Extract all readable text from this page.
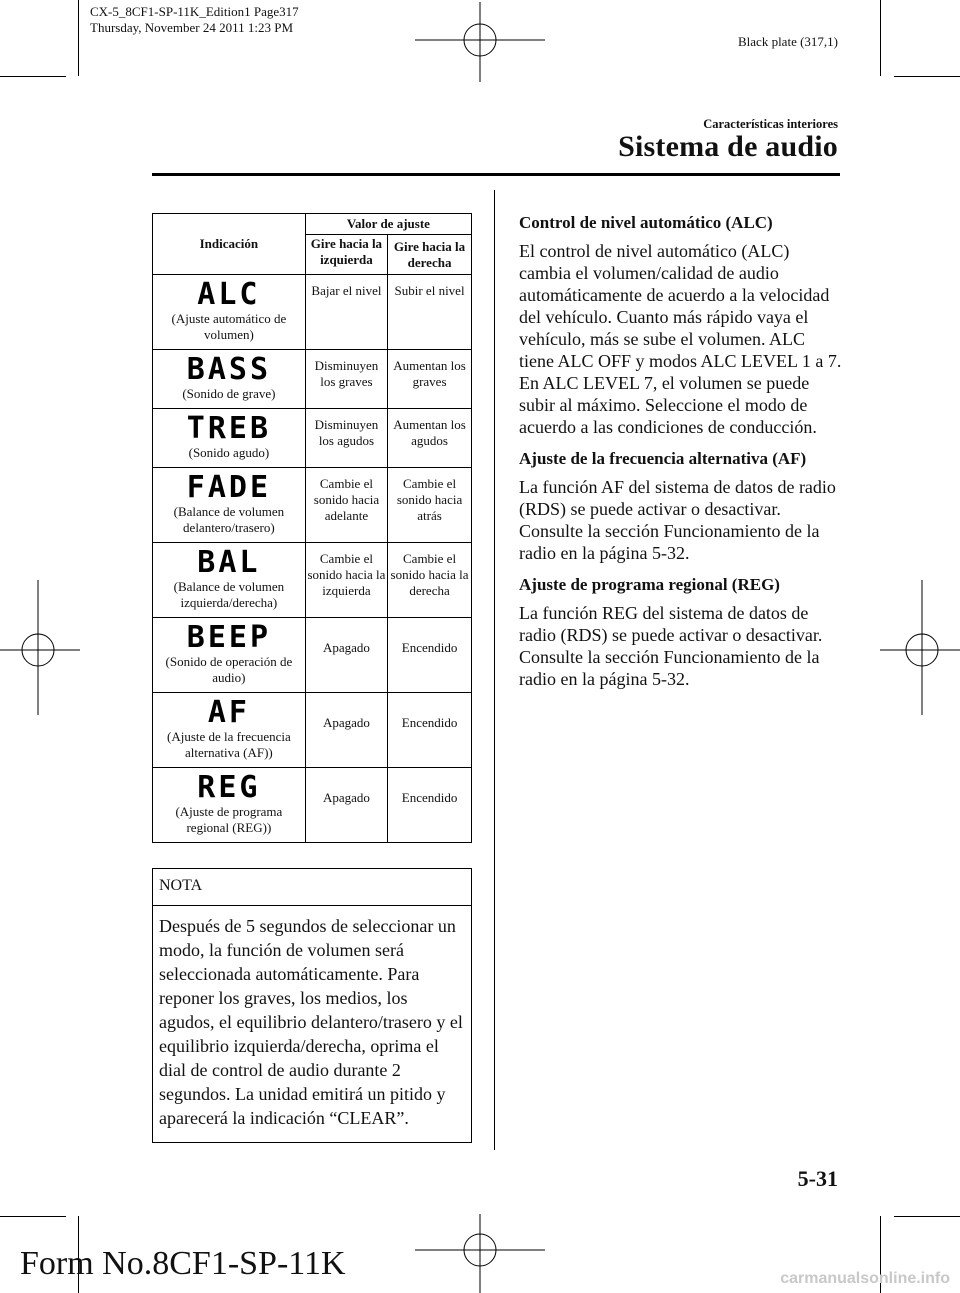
CX-5_8CF1-SP-11K_Edition1 Page317
Thursday, November 24 2011 1:23 PM
Black plate (317,1)
Características interiores
Sistema de audio
Indicación	Valor de ajuste	
	Gire hacia la izquierda	Gire hacia la derecha

ALC
(Ajuste automático de volumen)	Bajar el nivel	Subir el nivel

BASS
(Sonido de grave)	Disminuyen los graves	Aumentan los graves

TREB
(Sonido agudo)	Disminuyen los agudos	Aumentan los agudos

FADE
(Balance de volumen delantero/trasero)	Cambie el sonido hacia adelante	Cambie el sonido hacia atrás

BAL
(Balance de volumen izquierda/derecha)	Cambie el sonido hacia la izquierda	Cambie el sonido hacia la derecha

BEEP
(Sonido de operación de audio)	Apagado	Encendido

AF
(Ajuste de la frecuencia alternativa (AF))	Apagado	Encendido

REG
(Ajuste de programa regional (REG))	Apagado	Encendido
NOTA
Después de 5 segundos de seleccionar un modo, la función de volumen será seleccionada automáticamente. Para reponer los graves, los medios, los agudos, el equilibrio delantero/trasero y el equilibrio izquierda/derecha, oprima el dial de control de audio durante 2 segundos. La unidad emitirá un pitido y aparecerá la indicación “CLEAR”.
Control de nivel automático (ALC)

El control de nivel automático (ALC) cambia el volumen/calidad de audio automáticamente de acuerdo a la velocidad del vehículo. Cuanto más rápido vaya el vehículo, más se sube el volumen. ALC tiene ALC OFF y modos ALC LEVEL 1 a 7. En ALC LEVEL 7, el volumen se puede subir al máximo. Seleccione el modo de acuerdo a las condiciones de conducción.

Ajuste de la frecuencia alternativa (AF)

La función AF del sistema de datos de radio (RDS) se puede activar o desactivar. Consulte la sección Funcionamiento de la radio en la página 5-32.

Ajuste de programa regional (REG)

La función REG del sistema de datos de radio (RDS) se puede activar o desactivar. Consulte la sección Funcionamiento de la radio en la página 5-32.

5-31
Form No.8CF1-SP-11K	carmanualsonline.info
